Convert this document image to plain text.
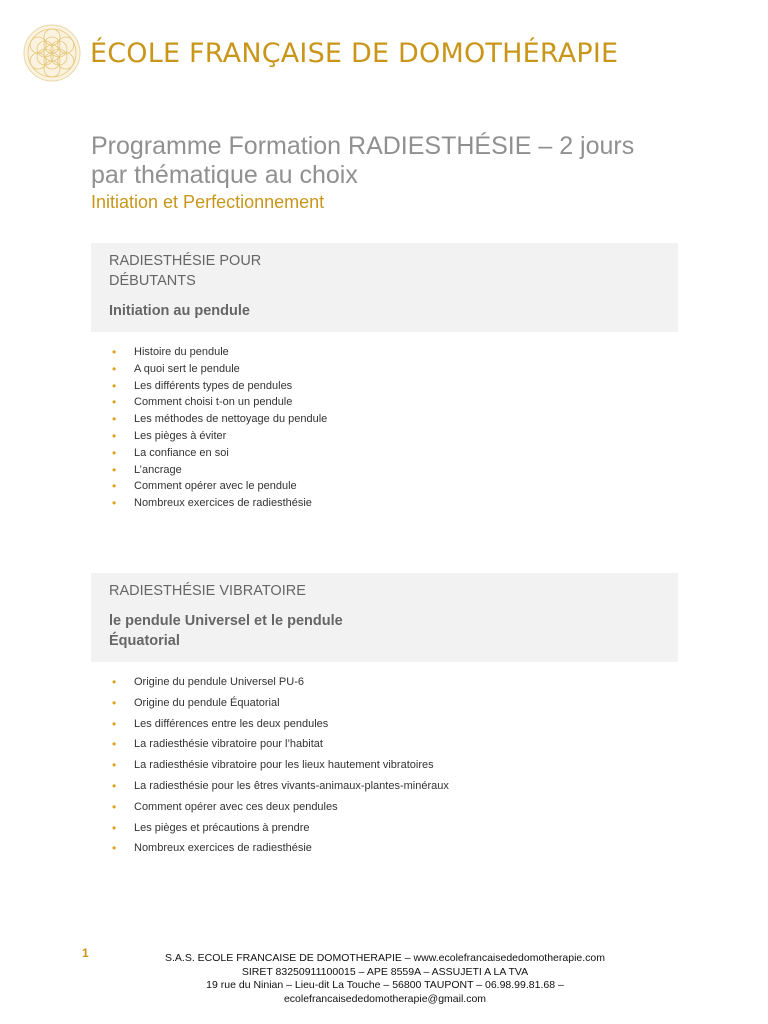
ÉCOLE FRANÇAISE DE DOMOTHÉRAPIE
Programme Formation RADIESTHÉSIE – 2 jours
par thématique au choix
Initiation et Perfectionnement
RADIESTHÉSIE POUR
DÉBUTANTS
Initiation au pendule
• Histoire du pendule
• A quoi sert le pendule
• Les différents types de pendules
• Comment choisi t-on un pendule
• Les méthodes de nettoyage du pendule
• Les pièges à éviter
• La confiance en soi
• L’ancrage
• Comment opérer avec le pendule
• Nombreux exercices de radiesthésie
RADIESTHÉSIE VIBRATOIRE
le pendule Universel et le pendule
Équatorial
• Origine du pendule Universel PU-6
• Origine du pendule Équatorial
• Les différences entre les deux pendules
• La radiesthésie vibratoire pour l’habitat
• La radiesthésie vibratoire pour les lieux hautement vibratoires
• La radiesthésie pour les êtres vivants-animaux-plantes-minéraux
• Comment opérer avec ces deux pendules
• Les pièges et précautions à prendre
• Nombreux exercices de radiesthésie
1	S.A.S. ECOLE FRANCAISE DE DOMOTHERAPIE – www.ecolefrancaisededomotherapie.com
SIRET 83250911100015 – APE 8559A – ASSUJETI A LA TVA
19 rue du Ninian – Lieu-dit La Touche – 56800 TAUPONT – 06.98.99.81.68 –
ecolefrancaisededomotherapie@gmail.com
